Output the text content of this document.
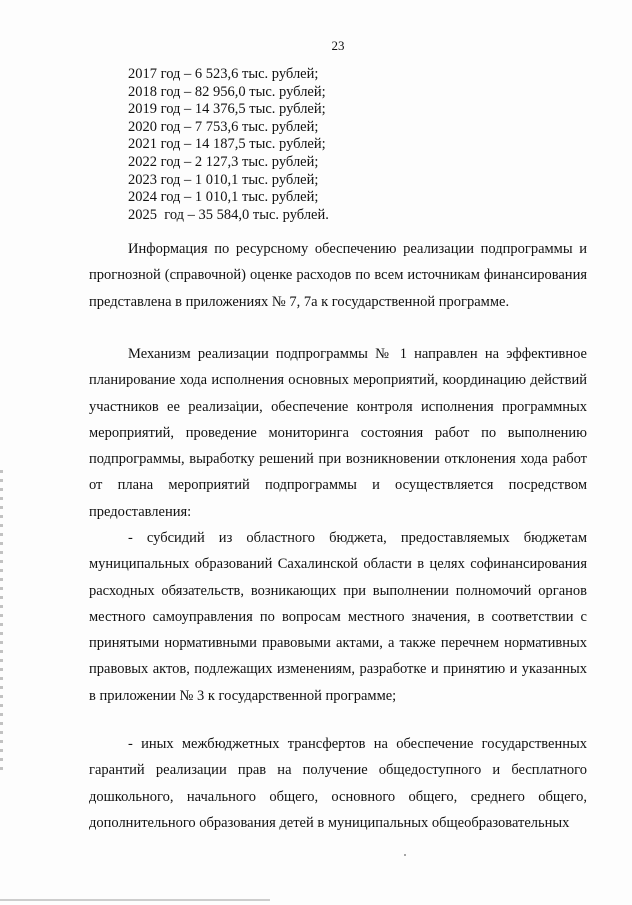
23
2017 год – 6 523,6 тыс. рублей;
2018 год – 82 956,0 тыс. рублей;
2019 год – 14 376,5 тыс. рублей;
2020 год – 7 753,6 тыс. рублей;
2021 год – 14 187,5 тыс. рублей;
2022 год – 2 127,3 тыс. рублей;
2023 год – 1 010,1 тыс. рублей;
2024 год – 1 010,1 тыс. рублей;
2025  год – 35 584,0 тыс. рублей.

Информация по ресурсному обеспечению реализации подпрограммы и прогнозной (справочной) оценке расходов по всем источникам финансирования представлена в приложениях № 7, 7а к государственной программе.

Механизм реализации подпрограммы № 1 направлен на эффективное планирование хода исполнения основных мероприятий, координацию действий участников ее реализации, обеспечение контроля исполнения программных мероприятий, проведение мониторинга состояния работ по выполнению подпрограммы, выработку решений при возникновении отклонения хода работ от плана мероприятий подпрограммы и осуществляется посредством предоставления:

- субсидий из областного бюджета, предоставляемых бюджетам муниципальных образований Сахалинской области в целях софинансирования расходных обязательств, возникающих при выполнении полномочий органов местного самоуправления по вопросам местного значения, в соответствии с принятыми нормативными правовыми актами, а также перечнем нормативных правовых актов, подлежащих изменениям, разработке и принятию и указанных в приложении № 3 к государственной программе;

- иных межбюджетных трансфертов на обеспечение государственных гарантий реализации прав на получение общедоступного и бесплатного дошкольного, начального общего, основного общего, среднего общего, дополнительного образования детей в муниципальных общеобразовательных
